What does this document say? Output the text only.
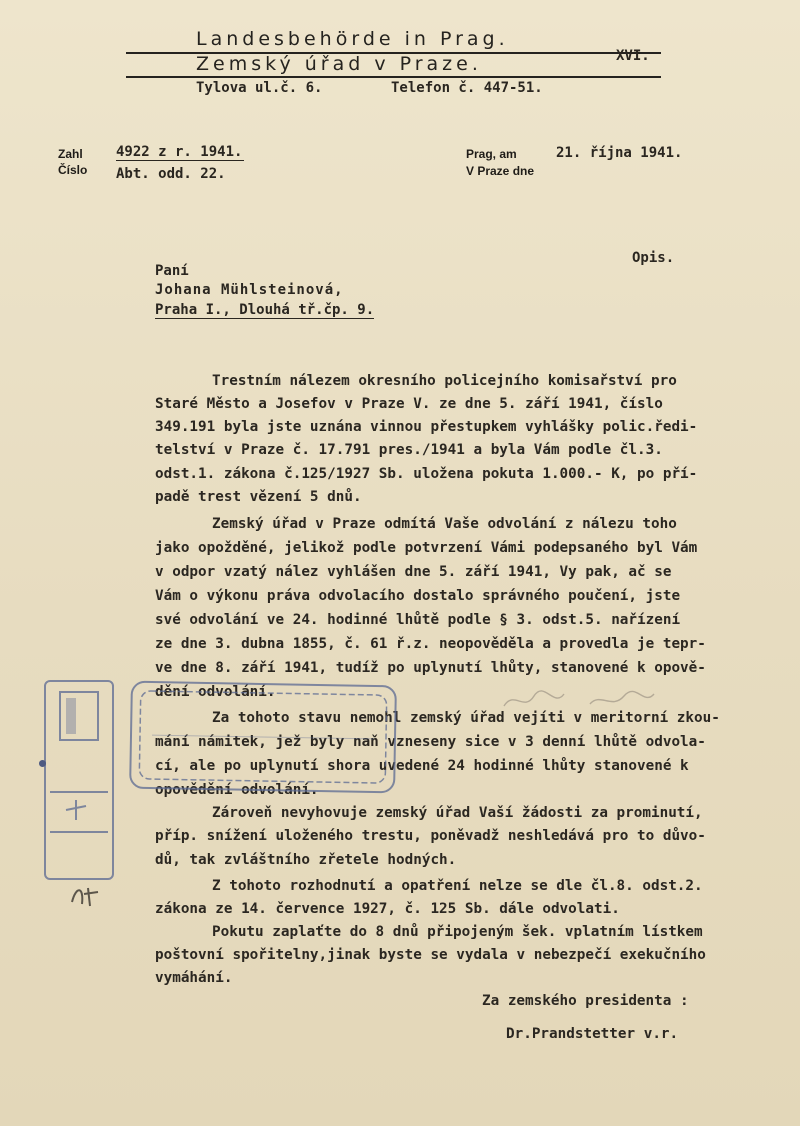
Landesbehörde in Prag.
Zemský úřad v Praze.	XVI.
Tylova ul.č. 6.	Telefon č. 447-51.
Zahl
Číslo
4922 z r. 1941.
Abt. odd. 22.
Prag, am
V Praze dne
21. října 1941.
Opis.
Paní
Johana Mühlsteinová,
Praha I., Dlouhá tř.čp. 9.
Trestním nálezem okresního policejního komisařství pro
Staré Město a Josefov v Praze V. ze dne 5. září 1941, číslo
349.191 byla jste uznána vinnou přestupkem vyhlášky polic.ředi-
telství v Praze č. 17.791 pres./1941 a byla Vám podle čl.3.
odst.1. zákona č.125/1927 Sb. uložena pokuta 1.000.- K, po pří-
padě trest vězení 5 dnů.
Zemský úřad v Praze odmítá Vaše odvolání z nálezu toho
jako opožděné, jelikož podle potvrzení Vámi podepsaného byl Vám
v odpor vzatý nález vyhlášen dne 5. září 1941, Vy pak, ač se
Vám o výkonu práva odvolacího dostalo správného poučení, jste
své odvolání ve 24. hodinné lhůtě podle § 3. odst.5. nařízení
ze dne 3. dubna 1855, č. 61 ř.z. neopověděla a provedla je tepr-
ve dne 8. září 1941, tudíž po uplynutí lhůty, stanovené k opově-
dění odvolání.
Za tohoto stavu nemohl zemský úřad vejíti v meritorní zkou-
mání námitek, jež byly naň vzneseny sice v 3 denní lhůtě odvola-
cí, ale po uplynutí shora uvedené 24 hodinné lhůty stanovené k
opovědění odvolání.
Zároveň nevyhovuje zemský úřad Vaší žádosti za prominutí,
příp. snížení uloženého trestu, poněvadž neshledává pro to důvo-
dů, tak zvláštního zřetele hodných.
Z tohoto rozhodnutí a opatření nelze se dle čl.8. odst.2.
zákona ze 14. července 1927, č. 125 Sb. dále odvolati.
Pokutu zaplaťte do 8 dnů připojeným šek. vplatním lístkem
poštovní spořitelny,jinak byste se vydala v nebezpečí exekučního
vymáhání.
Za zemského presidenta :
Dr.Prandstetter v.r.
